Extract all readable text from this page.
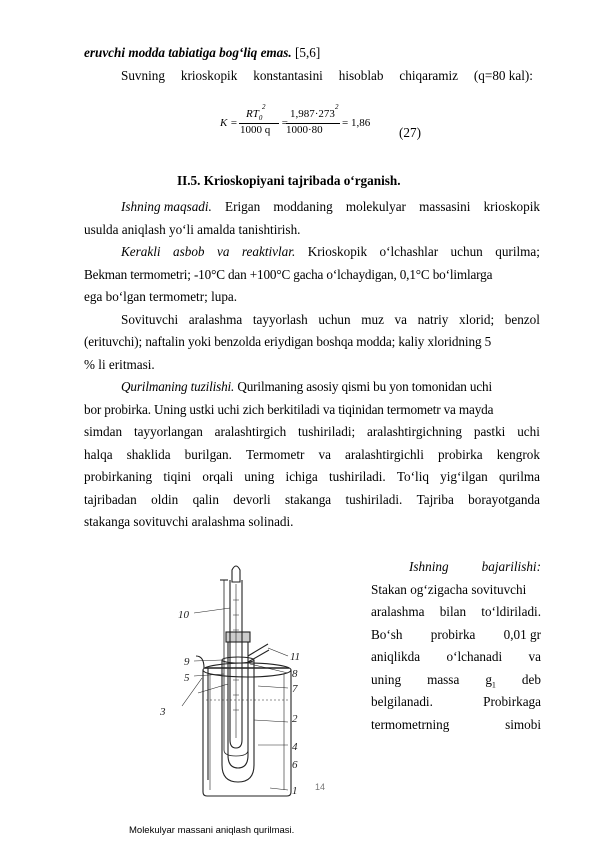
eruvchi modda tabiatiga bog‘liq emas. [5,6]
Suvning krioskopik konstantasini hisoblab chiqaramiz (q=80 kal):
K =
$RT_0$
2
1000 q
=
1,987·273
2
1000·80
= 1,86
(27)
II.5. Krioskopiyani tajribada o‘rganish.
Ishning maqsadi. Erigan moddaning molekulyar massasini krioskopik
usulda aniqlash yo‘li amalda tanishtirish.
Kerakli asbob va reaktivlar. Krioskopik o‘lchashlar uchun qurilma;
Bekman termometri; -10°C dan +100°C gacha o‘lchaydigan, 0,1°C bo‘limlarga
ega bo‘lgan termometr; lupa.
Sovituvchi aralashma tayyorlash uchun muz va natriy xlorid; benzol
(erituvchi); naftalin yoki benzolda eriydigan boshqa modda; kaliy xloridning 5
% li eritmasi.
Qurilmaning tuzilishi. Qurilmaning asosiy qismi bu yon tomonidan uchi
bor probirka. Uning ustki uchi zich berkitiladi va tiqinidan termometr va mayda
simdan tayyorlangan aralashtirgich tushiriladi; aralashtirgichning pastki uchi
halqa shaklida burilgan. Termometr va aralashtirgichli probirka kengrok
probirkaning tiqini orqali uning ichiga tushiriladi. To‘liq yig‘ilgan qurilma
tajribadan oldin qalin devorli stakanga tushiriladi. Tajriba borayotganda
stakanga sovituvchi aralashma solinadi.
Ishning	bajarilishi:
Stakan og‘zigacha sovituvchi
aralashma bilan to‘ldiriladi.
Bo‘sh probirka 0,01 gr
aniqlikda o‘lchanadi va
uning massa $g_1$ deb
belgilanadi.	Probirkaga
termometrning	simobi
10
9
5
3
11
8
7
2
4
6
1 14
Molekulyar massani aniqlash qurilmasi.
